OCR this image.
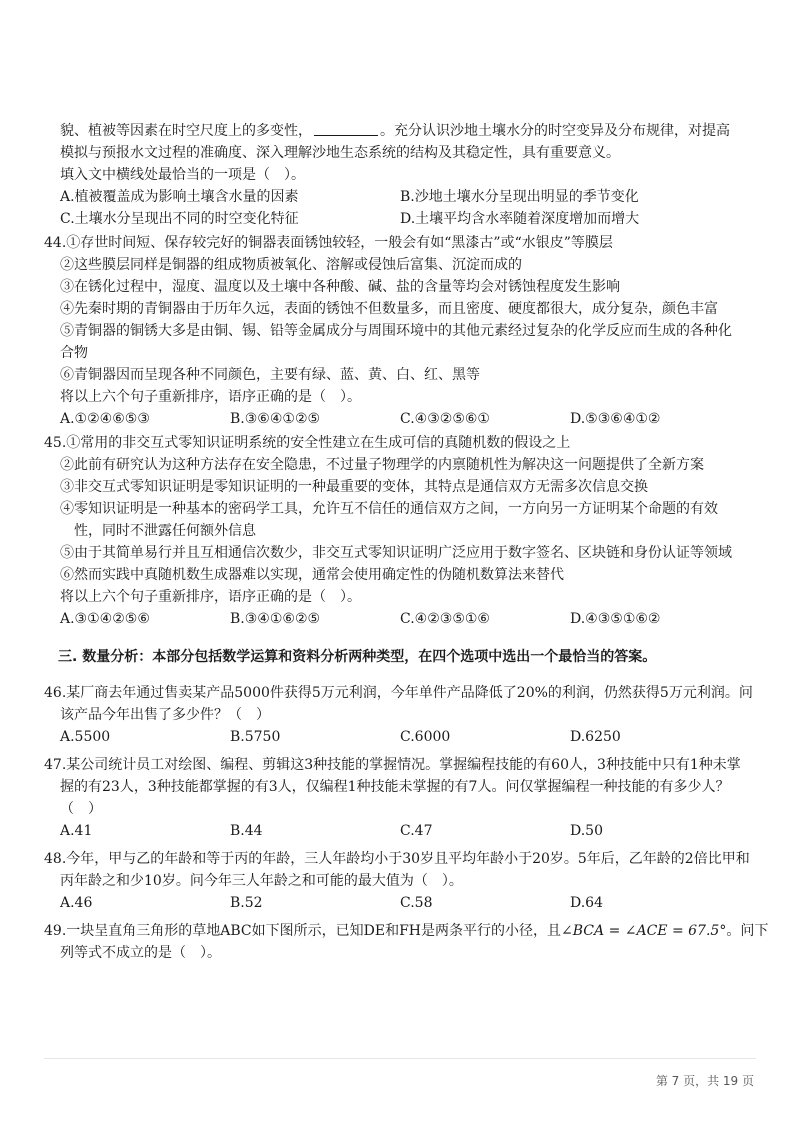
貌、植被等因素在时空尺度上的多变性，	。充分认识沙地土壤水分的时空变异及分布规律，对提高
模拟与预报水文过程的准确度、深入理解沙地生态系统的结构及其稳定性，具有重要意义。
填入文中横线处最恰当的一项是（　）。
A.植被覆盖成为影响土壤含水量的因素	B.沙地土壤水分呈现出明显的季节变化
C.土壤水分呈现出不同的时空变化特征	D.土壤平均含水率随着深度增加而增大
44.①存世时间短、保存较完好的铜器表面锈蚀较轻，一般会有如“黑漆古”或“水银皮”等膜层
②这些膜层同样是铜器的组成物质被氧化、溶解或侵蚀后富集、沉淀而成的
③在锈化过程中，湿度、温度以及土壤中各种酸、碱、盐的含量等均会对锈蚀程度发生影响
④先秦时期的青铜器由于历年久远，表面的锈蚀不但数量多，而且密度、硬度都很大，成分复杂，颜色丰富
⑤青铜器的铜锈大多是由铜、锡、铅等金属成分与周围环境中的其他元素经过复杂的化学反应而生成的各种化
合物
⑥青铜器因而呈现各种不同颜色，主要有绿、蓝、黄、白、红、黑等
将以上六个句子重新排序，语序正确的是（　）。
A.①②④⑥⑤③	B.③⑥④①②⑤	C.④③②⑤⑥①	D.⑤③⑥④①②
45.①常用的非交互式零知识证明系统的安全性建立在生成可信的真随机数的假设之上
②此前有研究认为这种方法存在安全隐患，不过量子物理学的内禀随机性为解决这一问题提供了全新方案
③非交互式零知识证明是零知识证明的一种最重要的变体，其特点是通信双方无需多次信息交换
④零知识证明是一种基本的密码学工具，允许互不信任的通信双方之间，一方向另一方证明某个命题的有效
性，同时不泄露任何额外信息
⑤由于其简单易行并且互相通信次数少，非交互式零知识证明广泛应用于数字签名、区块链和身份认证等领域
⑥然而实践中真随机数生成器难以实现，通常会使用确定性的伪随机数算法来替代
将以上六个句子重新排序，语序正确的是（　）。
A.③①④②⑤⑥	B.③④①⑥②⑤	C.④②③⑤①⑥	D.④③⑤①⑥②
三. 数量分析：本部分包括数学运算和资料分析两种类型，在四个选项中选出一个最恰当的答案。
46.某厂商去年通过售卖某产品5000件获得5万元利润，今年单件产品降低了20%的利润，仍然获得5万元利润。问
该产品今年出售了多少件？（　）
A.5500	B.5750	C.6000	D.6250
47.某公司统计员工对绘图、编程、剪辑这3种技能的掌握情况。掌握编程技能的有60人，3种技能中只有1种未掌
握的有23人，3种技能都掌握的有3人，仅编程1种技能未掌握的有7人。问仅掌握编程一种技能的有多少人？
（　）
A.41	B.44	C.47	D.50
48.今年，甲与乙的年龄和等于丙的年龄，三人年龄均小于30岁且平均年龄小于20岁。5年后，乙年龄的2倍比甲和
丙年龄之和少10岁。问今年三人年龄之和可能的最大值为（　）。
A.46	B.52	C.58	D.64
49.一块呈直角三角形的草地ABC如下图所示，已知DE和FH是两条平行的小径，且∠BCA = ∠ACE = 67.5°。问下
列等式不成立的是（　）。
第 7 页，共 19 页
